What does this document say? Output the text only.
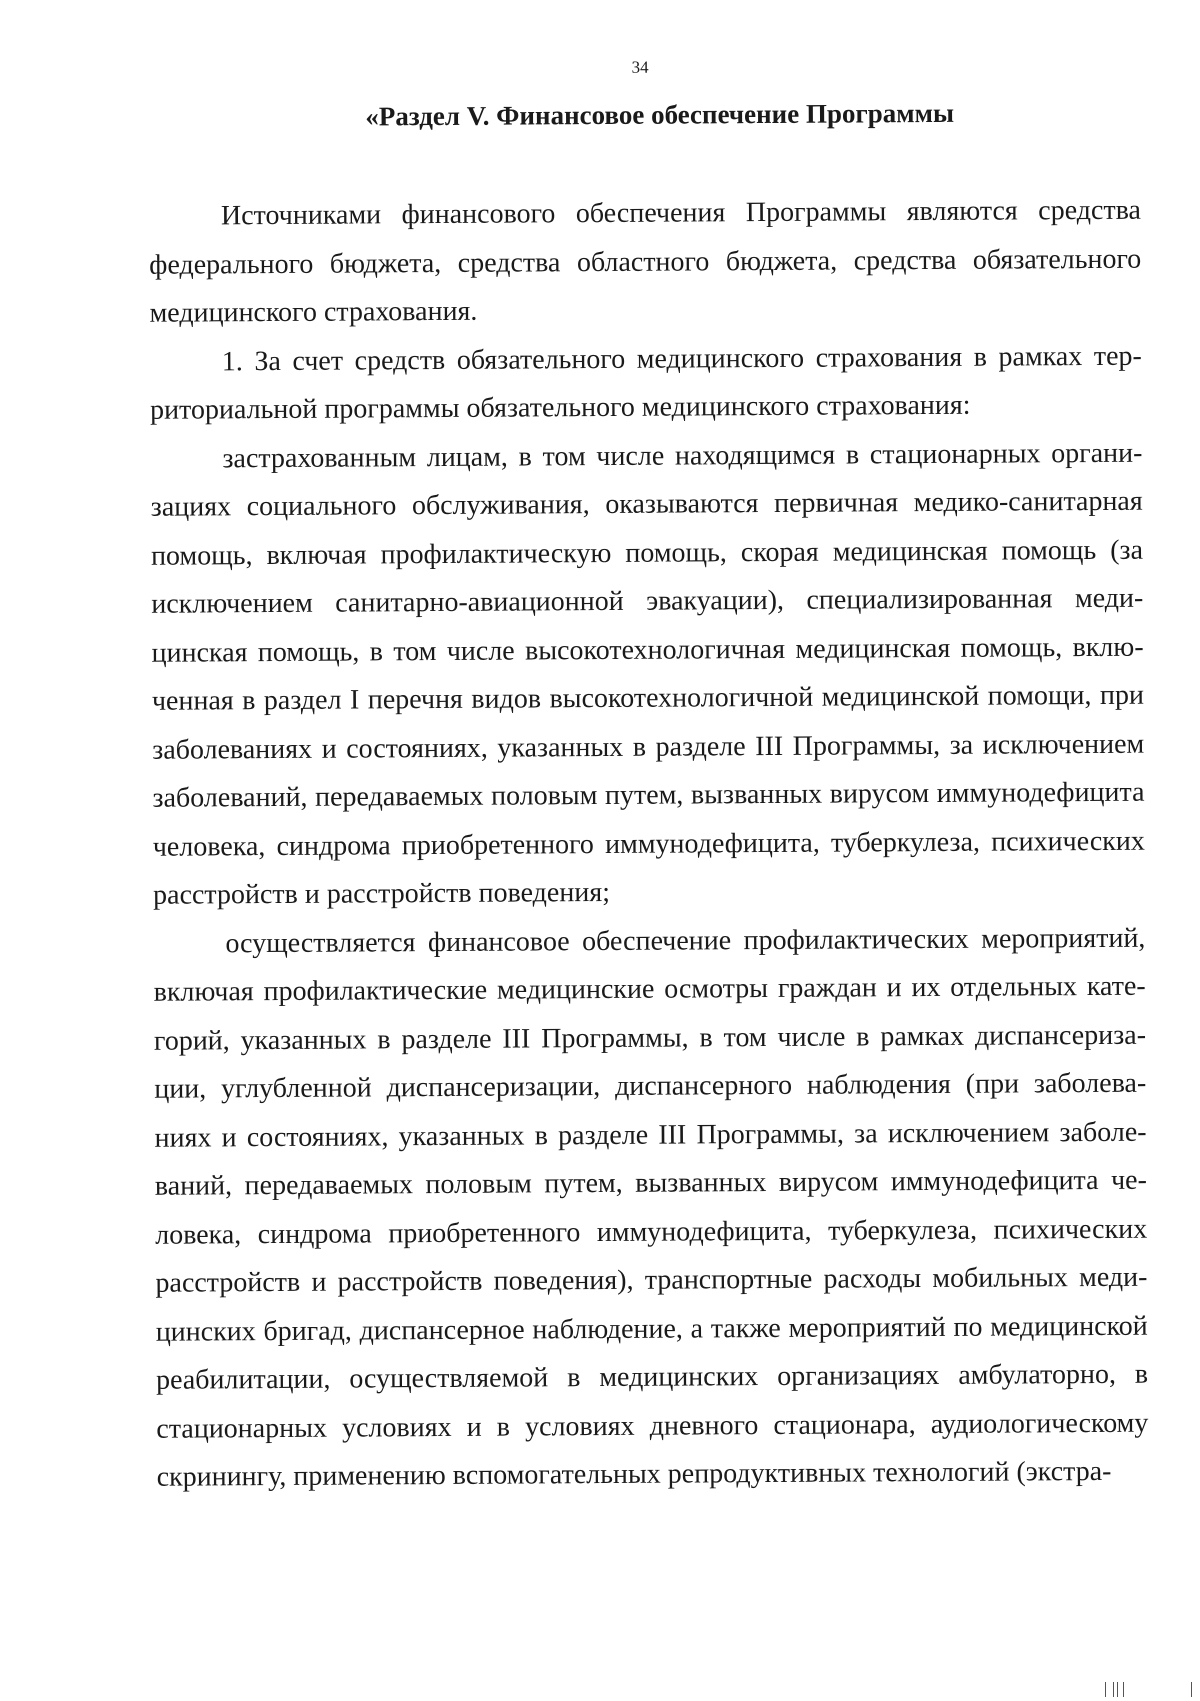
34
«Раздел V. Финансовое обеспечение Программы

Источниками финансового обеспечения Программы являются средства федерального бюджета, средства областного бюджета, средства обязательного медицинского страхования.

1. За счет средств обязательного медицинского страхования в рамках территориальной программы обязательного медицинского страхования:

застрахованным лицам, в том числе находящимся в стационарных организациях социального обслуживания, оказываются первичная медико-санитарная помощь, включая профилактическую помощь, скорая медицинская помощь (за исключением санитарно-авиационной эвакуации), специализированная медицинская помощь, в том числе высокотехнологичная медицинская помощь, включенная в раздел I перечня видов высокотехнологичной медицинской помощи, при заболеваниях и состояниях, указанных в разделе III Программы, за исключением заболеваний, передаваемых половым путем, вызванных вирусом иммунодефицита человека, синдрома приобретенного иммунодефицита, туберкулеза, психических расстройств и расстройств поведения;

осуществляется финансовое обеспечение профилактических мероприятий, включая профилактические медицинские осмотры граждан и их отдельных категорий, указанных в разделе III Программы, в том числе в рамках диспансеризации, углубленной диспансеризации, диспансерного наблюдения (при заболеваниях и состояниях, указанных в разделе III Программы, за исключением заболеваний, передаваемых половым путем, вызванных вирусом иммунодефицита человека, синдрома приобретенного иммунодефицита, туберкулеза, психических расстройств и расстройств поведения), транспортные расходы мобильных медицинских бригад, диспансерное наблюдение, а также мероприятий по медицинской реабилитации, осуществляемой в медицинских организациях амбулаторно, в стационарных условиях и в условиях дневного стационара, аудиологическому скринингу, применению вспомогательных репродуктивных технологий (экстра-
